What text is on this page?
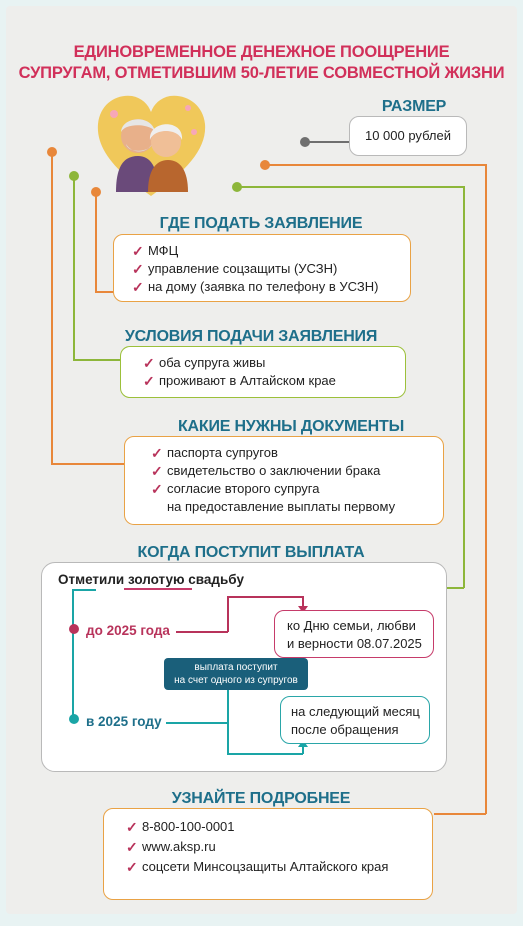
ЕДИНОВРЕМЕННОЕ ДЕНЕЖНОЕ ПООЩРЕНИЕ
СУПРУГАМ, ОТМЕТИВШИМ 50-ЛЕТИЕ СОВМЕСТНОЙ ЖИЗНИ
РАЗМЕР
10 000 рублей
ГДЕ ПОДАТЬ ЗАЯВЛЕНИЕ
✓ МФЦ
✓ управление соцзащиты (УСЗН)
✓ на дому (заявка по телефону в УСЗН)
УСЛОВИЯ ПОДАЧИ ЗАЯВЛЕНИЯ
✓ оба супруга живы
✓ проживают в Алтайском крае
КАКИЕ НУЖНЫ ДОКУМЕНТЫ
✓ паспорта супругов
✓ свидетельство о заключении брака
✓ согласие второго супруга
на предоставление выплаты первому
КОГДА ПОСТУПИТ ВЫПЛАТА
Отметили золотую свадьбу
до 2025 года
в 2025 году
выплата поступит
на счет одного из супругов
ко Дню семьи, любви
и верности 08.07.2025
на следующий месяц
после обращения
УЗНАЙТЕ ПОДРОБНЕЕ
✓ 8-800-100-0001
✓ www.aksp.ru
✓ соцсети Минсоцзащиты Алтайского края
